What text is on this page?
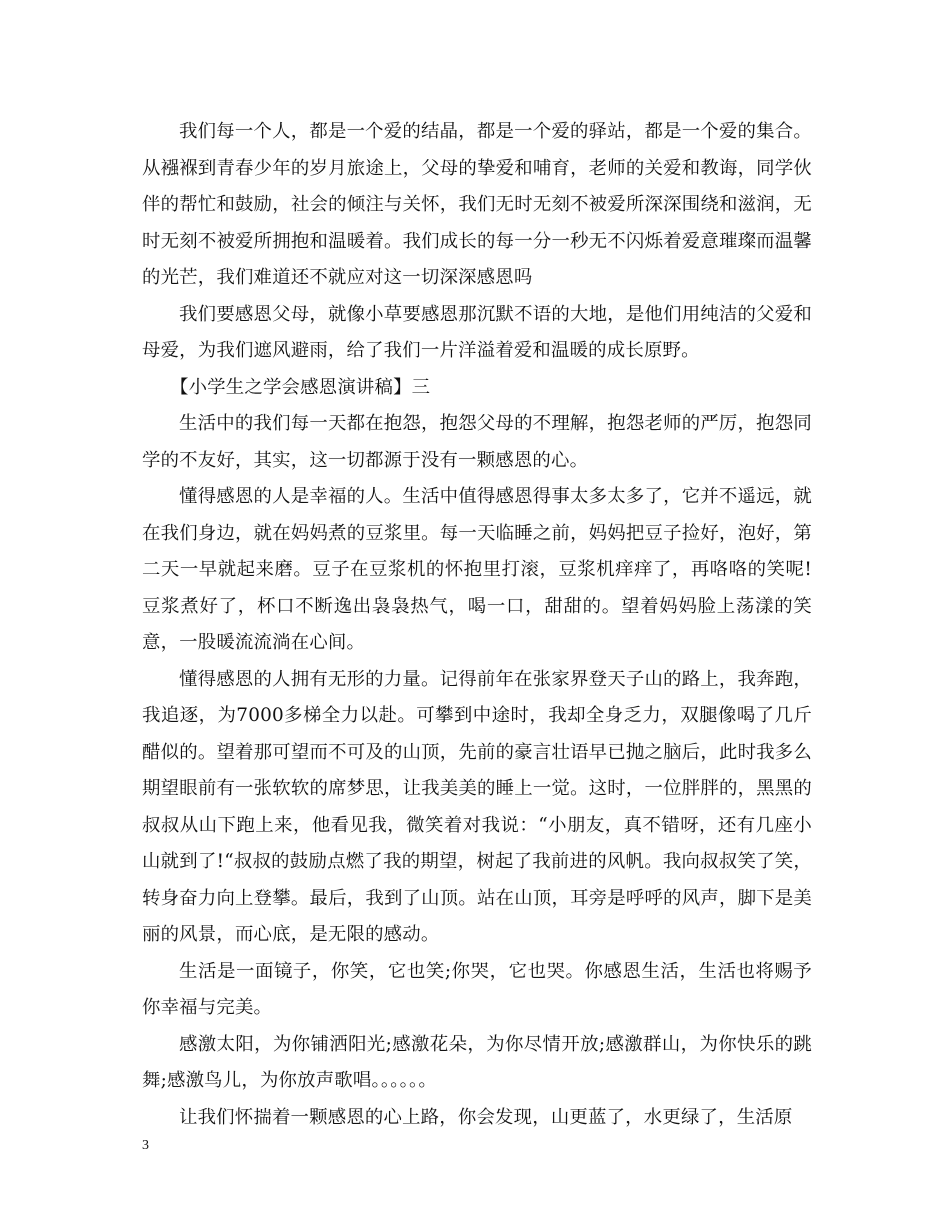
我们每一个人，都是一个爱的结晶，都是一个爱的驿站，都是一个爱的集合。从襁褓到青春少年的岁月旅途上，父母的挚爱和哺育，老师的关爱和教诲，同学伙伴的帮忙和鼓励，社会的倾注与关怀，我们无时无刻不被爱所深深围绕和滋润，无时无刻不被爱所拥抱和温暖着。我们成长的每一分一秒无不闪烁着爱意璀璨而温馨的光芒，我们难道还不就应对这一切深深感恩吗

我们要感恩父母，就像小草要感恩那沉默不语的大地，是他们用纯洁的父爱和母爱，为我们遮风避雨，给了我们一片洋溢着爱和温暖的成长原野。

【小学生之学会感恩演讲稿】三

生活中的我们每一天都在抱怨，抱怨父母的不理解，抱怨老师的严厉，抱怨同学的不友好，其实，这一切都源于没有一颗感恩的心。

懂得感恩的人是幸福的人。生活中值得感恩得事太多太多了，它并不遥远，就在我们身边，就在妈妈煮的豆浆里。每一天临睡之前，妈妈把豆子捡好，泡好，第二天一早就起来磨。豆子在豆浆机的怀抱里打滚，豆浆机痒痒了，再咯咯的笑呢!豆浆煮好了，杯口不断逸出袅袅热气，喝一口，甜甜的。望着妈妈脸上荡漾的笑意，一股暖流流淌在心间。

懂得感恩的人拥有无形的力量。记得前年在张家界登天子山的路上，我奔跑，我追逐，为7000多梯全力以赴。可攀到中途时，我却全身乏力，双腿像喝了几斤醋似的。望着那可望而不可及的山顶，先前的豪言壮语早已抛之脑后，此时我多么期望眼前有一张软软的席梦思，让我美美的睡上一觉。这时，一位胖胖的，黑黑的叔叔从山下跑上来，他看见我，微笑着对我说：“小朋友，真不错呀，还有几座小山就到了!“叔叔的鼓励点燃了我的期望，树起了我前进的风帆。我向叔叔笑了笑，转身奋力向上登攀。最后，我到了山顶。站在山顶，耳旁是呼呼的风声，脚下是美丽的风景，而心底，是无限的感动。

生活是一面镜子，你笑，它也笑;你哭，它也哭。你感恩生活，生活也将赐予你幸福与完美。

感激太阳，为你铺洒阳光;感激花朵，为你尽情开放;感激群山，为你快乐的跳舞;感激鸟儿，为你放声歌唱。。。。。。

让我们怀揣着一颗感恩的心上路，你会发现，山更蓝了，水更绿了，生活原

3
